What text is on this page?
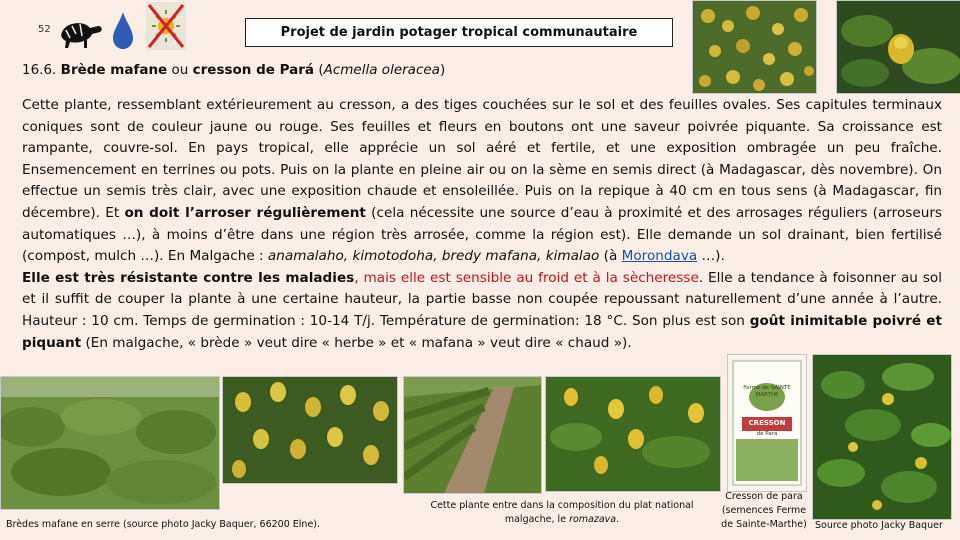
52	Projet de jardin potager tropical communautaire
16.6. Brède mafane ou cresson de Pará (Acmella oleracea)
Cette plante, ressemblant extérieurement au cresson, a des tiges couchées sur le sol et des feuilles ovales. Ses capitules terminaux coniques sont de couleur jaune ou rouge. Ses feuilles et fleurs en boutons ont une saveur poivrée piquante. Sa croissance est rampante, couvre-sol. En pays tropical, elle apprécie un sol aéré et fertile, et une exposition ombragée un peu fraîche. Ensemencement en terrines ou pots. Puis on la plante en pleine air ou on la sème en semis direct (à Madagascar, dès novembre). On effectue un semis très clair, avec une exposition chaude et ensoleillée. Puis on la repique à 40 cm en tous sens (à Madagascar, fin décembre). Et on doit l’arroser régulièrement (cela nécessite une source d’eau à proximité et des arrosages réguliers (arroseurs automatiques …), à moins d’être dans une région très arrosée, comme la région est). Elle demande un sol drainant, bien fertilisé (compost, mulch …). En Malgache : anamalaho, kimotodoha, bredy mafana, kimalao (à Morondava …).
Elle est très résistante contre les maladies, mais elle est sensible au froid et à la sècheresse. Elle a tendance à foisonner au sol et il suffit de couper la plante à une certaine hauteur, la partie basse non coupée repoussant naturellement d’une année à l’autre. Hauteur : 10 cm. Temps de germination : 10-14 T/j. Température de germination: 18 °C. Son plus est son goût inimitable poivré et piquant (En malgache, « brède » veut dire « herbe » et « mafana » veut dire « chaud »).
Ferme de SAINTE MARTHE
CRESSON
de Para
Brèdes mafane en serre (source photo Jacky Baquer, 66200 Elne).
Cette plante entre dans la composition du plat national malgache, le romazava.
Cresson de para (semences Ferme de Sainte-Marthe) Source photo Jacky Baquer
